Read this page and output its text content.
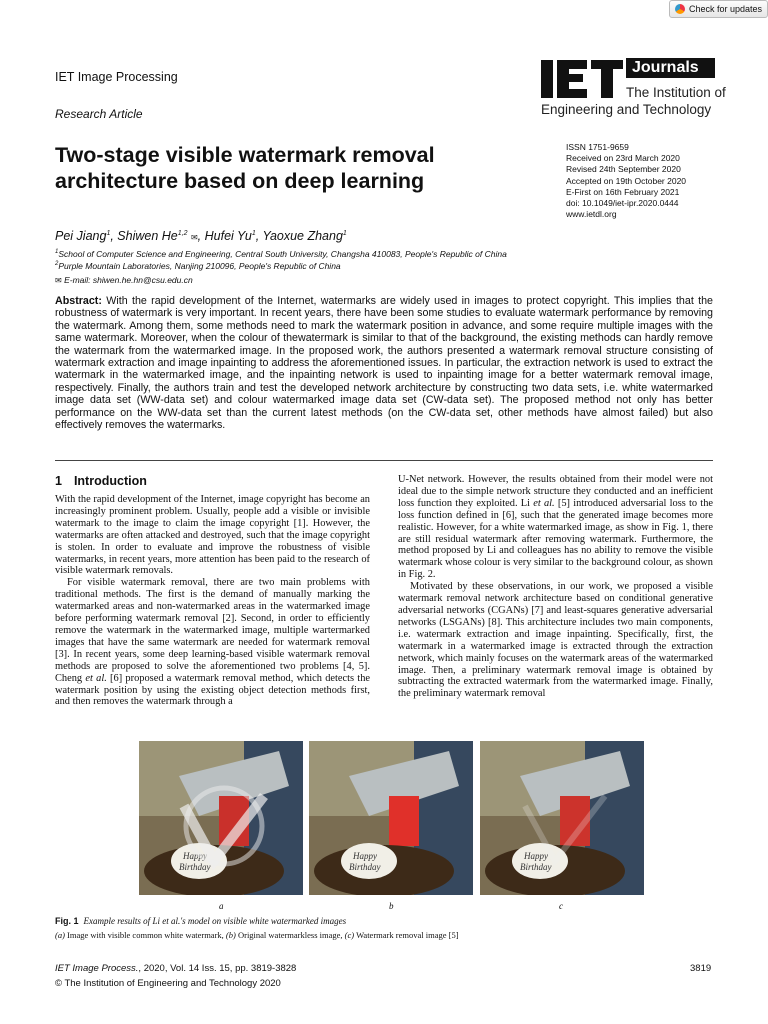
Check for updates
IET Image Processing
Research Article
Journals
The Institution of
Engineering and Technology
Two-stage visible watermark removal architecture based on deep learning
ISSN 1751-9659
Received on 23rd March 2020
Revised 24th September 2020
Accepted on 19th October 2020
E-First on 16th February 2021
doi: 10.1049/iet-ipr.2020.0444
www.ietdl.org
Pei Jiang$^1$, Shiwen He$^{1,2}$ ✉, Hufei Yu$^1$, Yaoxue Zhang$^1$
$^1$School of Computer Science and Engineering, Central South University, Changsha 410083, People's Republic of China
$^2$Purple Mountain Laboratories, Nanjing 210096, People's Republic of China
✉ E-mail: shiwen.he.hn@csu.edu.cn
Abstract: With the rapid development of the Internet, watermarks are widely used in images to protect copyright. This implies that the robustness of watermark is very important. In recent years, there have been some studies to evaluate watermark performance by removing the watermark. Among them, some methods need to mark the watermark position in advance, and some require multiple images with the same watermark. Moreover, when the colour of thewatermark is similar to that of the background, the existing methods can hardly remove the watermark from the watermarked image. In the proposed work, the authors presented a watermark removal structure consisting of watermark extraction and image inpainting to address the aforementioned issues. In particular, the extraction network is used to extract the watermark in the watermarked image, and the inpainting network is used to inpainting image for a better watermark removal image, respectively. Finally, the authors train and test the developed network architecture by constructing two data sets, i.e. white watermarked image data set (WW-data set) and colour watermarked image data set (CW-data set). The proposed method not only has better performance on the WW-data set than the current latest methods (on the CW-data set, other methods have almost failed) but also effectively removes the watermarks.
1 Introduction

With the rapid development of the Internet, image copyright has become an increasingly prominent problem. Usually, people add a visible or invisible watermark to the image to claim the image copyright [1]. However, the watermarks are often attacked and destroyed, such that the image copyright is stolen. In order to evaluate and improve the robustness of visible watermarks, in recent years, more attention has been paid to the research of visible watermark removals.

For visible watermark removal, there are two main problems with traditional methods. The first is the demand of manually marking the watermarked areas and non-watermarked areas in the watermarked image before performing watermark removal [2]. Second, in order to efficiently remove the watermark in the watermarked image, multiple wartermarked images that have the same watermark are needed for watermark removal [3]. In recent years, some deep learning-based visible watermark removal methods are proposed to solve the aforementioned two problems [4, 5]. Cheng et al. [6] proposed a watermark removal method, which detects the watermark position by using the existing object detection methods first, and then removes the watermark through a

U-Net network. However, the results obtained from their model were not ideal due to the simple network structure they conducted and an inefficient loss function they exploited. Li et al. [5] introduced adversarial loss to the loss function defined in [6], such that the generated image becomes more realistic. However, for a white watermarked image, as show in Fig. 1, there are still residual watermark after removing watermark. Furthermore, the method proposed by Li and colleagues has no ability to remove the visible watermark whose colour is very similar to the background colour, as shown in Fig. 2.

Motivated by these observations, in our work, we proposed a visible watermark removal network architecture based on conditional generative adversarial networks (CGANs) [7] and least-squares generative adversarial networks (LSGANs) [8]. This architecture includes two main components, i.e. watermark extraction and image inpainting. Specifically, first, the watermark in a watermarked image is extracted through the extraction network, which mainly focuses on the watermark areas of the watermarked image. Then, a preliminary watermark removal image is obtained by subtracting the extracted watermark from the watermarked image. Finally, the preliminary watermark removal

Happy
Birthday
Happy
Birthday
Happy
Birthday
a	b	c
Fig. 1 Example results of Li et al.'s model on visible white watermarked images
(a) Image with visible common white watermark, (b) Original watermarkless image, (c) Watermark removal image [5]
IET Image Process., 2020, Vol. 14 Iss. 15, pp. 3819-3828
© The Institution of Engineering and Technology 2020
3819
